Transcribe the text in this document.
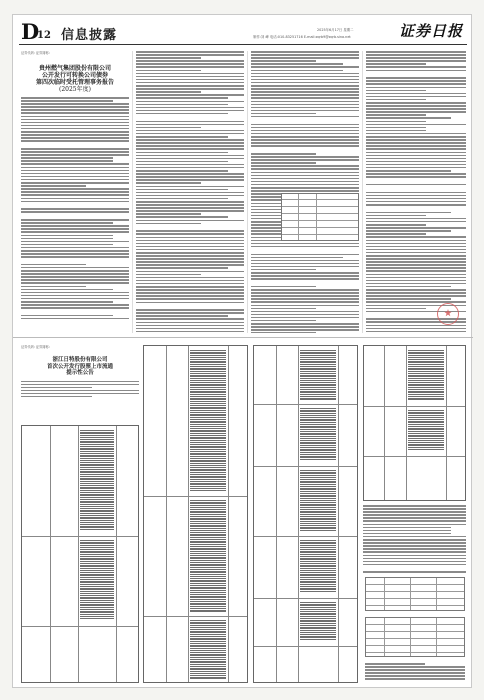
D
12 信息披露	2025年6月17日 星期二
制作:刘 峰 电话:010-83251716 E-mail:zqrb9@zqrb.sina.net	证券日报
证券代码: 证券简称:
贵州燃气集团股份有限公司
公开发行可转换公司债券
第四次临时受托管理事务报告
(2025年度)
证券代码: 证券简称:
浙江日特股份有限公司
首次公开发行股票上市流通
提示性公告
